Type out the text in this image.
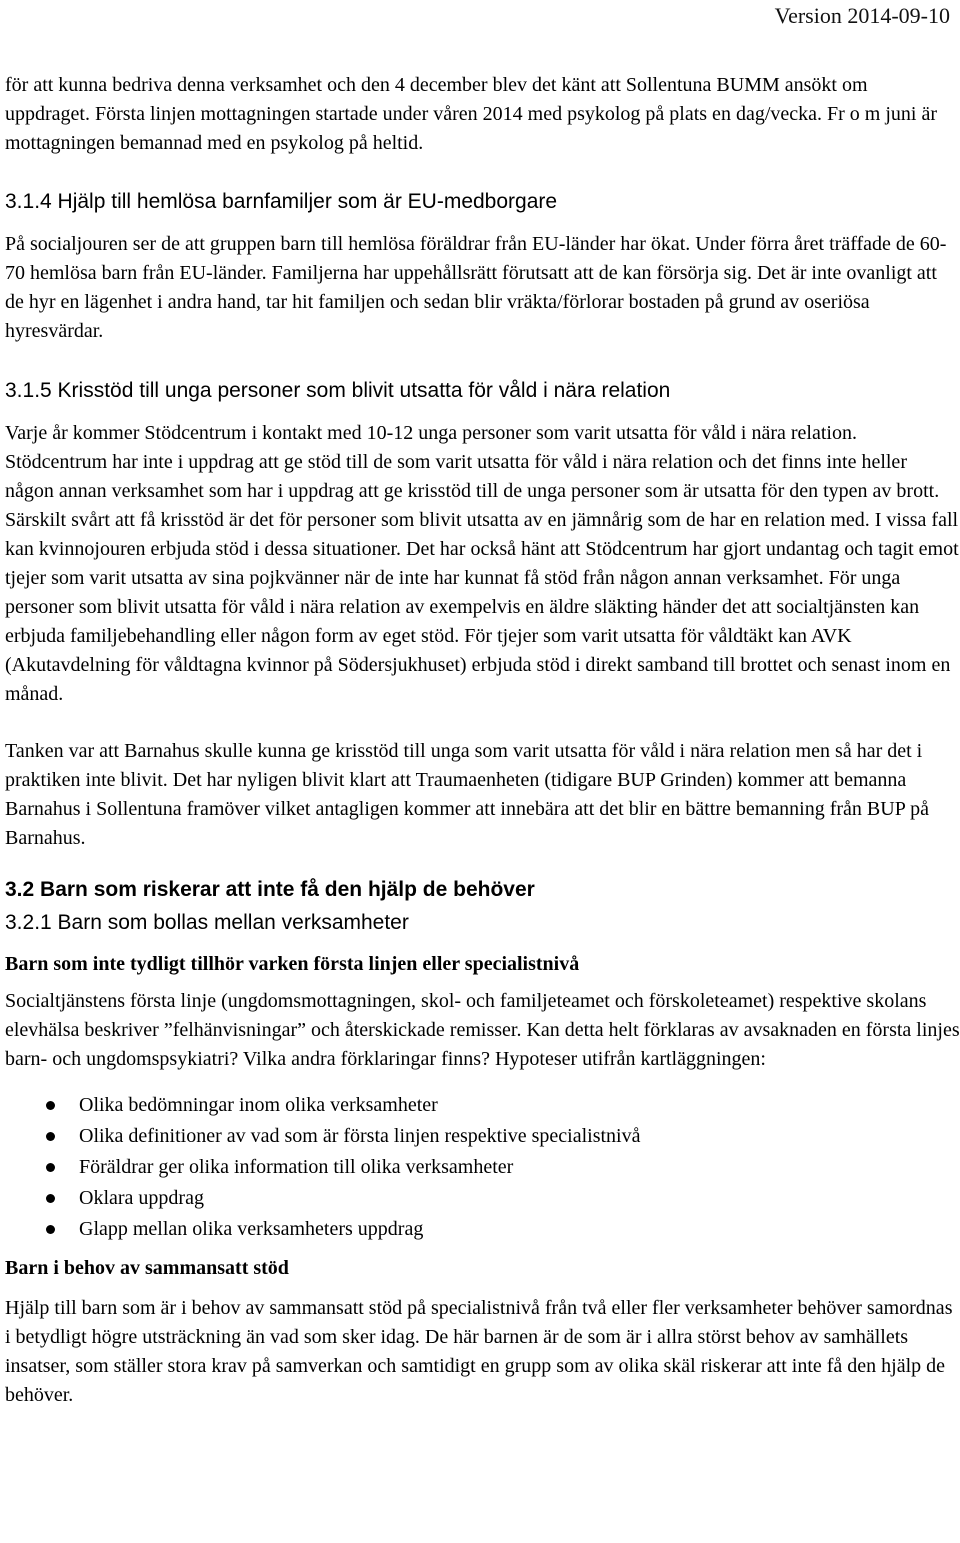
Version 2014-09-10

för att kunna bedriva denna verksamhet och den 4 december blev det känt att Sollentuna BUMM ansökt om uppdraget. Första linjen mottagningen startade under våren 2014 med psykolog på plats en dag/vecka. Fr o m juni är mottagningen bemannad med en psykolog på heltid.

3.1.4 Hjälp till hemlösa barnfamiljer som är EU-medborgare

På socialjouren ser de att gruppen barn till hemlösa föräldrar från EU-länder har ökat. Under förra året träffade de 60-70 hemlösa barn från EU-länder. Familjerna har uppehållsrätt förutsatt att de kan försörja sig. Det är inte ovanligt att de hyr en lägenhet i andra hand, tar hit familjen och sedan blir vräkta/förlorar bostaden på grund av oseriösa hyresvärdar.

3.1.5 Krisstöd till unga personer som blivit utsatta för våld i nära relation

Varje år kommer Stödcentrum i kontakt med 10-12 unga personer som varit utsatta för våld i nära relation. Stödcentrum har inte i uppdrag att ge stöd till de som varit utsatta för våld i nära relation och det finns inte heller någon annan verksamhet som har i uppdrag att ge krisstöd till de unga personer som är utsatta för den typen av brott. Särskilt svårt att få krisstöd är det för personer som blivit utsatta av en jämnårig som de har en relation med. I vissa fall kan kvinnojouren erbjuda stöd i dessa situationer. Det har också hänt att Stödcentrum har gjort undantag och tagit emot tjejer som varit utsatta av sina pojkvänner när de inte har kunnat få stöd från någon annan verksamhet. För unga personer som blivit utsatta för våld i nära relation av exempelvis en äldre släkting händer det att socialtjänsten kan erbjuda familjebehandling eller någon form av eget stöd. För tjejer som varit utsatta för våldtäkt kan AVK (Akutavdelning för våldtagna kvinnor på Södersjukhuset) erbjuda stöd i direkt samband till brottet och senast inom en månad.

Tanken var att Barnahus skulle kunna ge krisstöd till unga som varit utsatta för våld i nära relation men så har det i praktiken inte blivit. Det har nyligen blivit klart att Traumaenheten (tidigare BUP Grinden) kommer att bemanna Barnahus i Sollentuna framöver vilket antagligen kommer att innebära att det blir en bättre bemanning från BUP på Barnahus.

3.2 Barn som riskerar att inte få den hjälp de behöver
3.2.1 Barn som bollas mellan verksamheter
Barn som inte tydligt tillhör varken första linjen eller specialistnivå

Socialtjänstens första linje (ungdomsmottagningen, skol- och familjeteamet och förskoleteamet) respektive skolans elevhälsa beskriver ”felhänvisningar” och återskickade remisser. Kan detta helt förklaras av avsaknaden en första linjes barn- och ungdomspsykiatri? Vilka andra förklaringar finns? Hypoteser utifrån kartläggningen:

Olika bedömningar inom olika verksamheter
Olika definitioner av vad som är första linjen respektive specialistnivå
Föräldrar ger olika information till olika verksamheter
Oklara uppdrag
Glapp mellan olika verksamheters uppdrag
Barn i behov av sammansatt stöd

Hjälp till barn som är i behov av sammansatt stöd på specialistnivå från två eller fler verksamheter behöver samordnas i betydligt högre utsträckning än vad som sker idag. De här barnen är de som är i allra störst behov av samhällets insatser, som ställer stora krav på samverkan och samtidigt en grupp som av olika skäl riskerar att inte få den hjälp de behöver.
